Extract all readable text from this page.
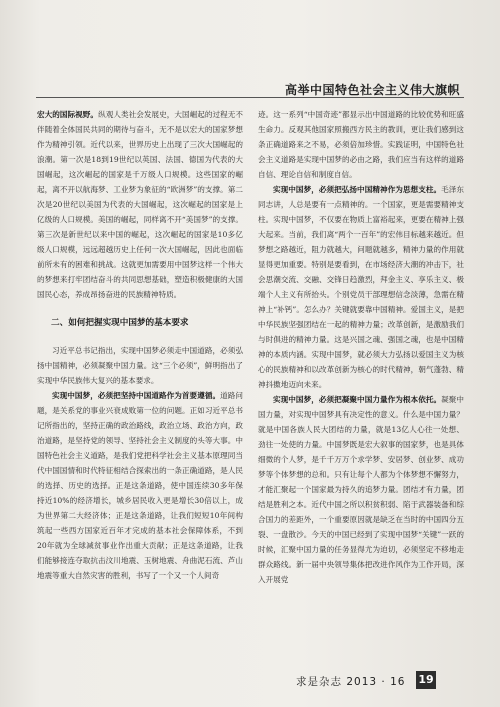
高举中国特色社会主义伟大旗帜

宏大的国际视野。纵观人类社会发展史，大国崛起的过程无不伴随着全体国民共同的期待与奋斗，无不是以宏大的国家梦想作为精神引领。近代以来，世界历史上出现了三次大国崛起的浪潮。第一次是18到19世纪以英国、法国、德国为代表的大国崛起，这次崛起的国家是千万级人口规模。这些国家的崛起，离不开以航海梦、工业梦为象征的“欧洲梦”的支撑。第二次是20世纪以美国为代表的大国崛起，这次崛起的国家是上亿级的人口规模。美国的崛起，同样离不开“美国梦”的支撑。第三次是新世纪以来中国的崛起，这次崛起的国家是10多亿级人口规模，远远超越历史上任何一次大国崛起，因此也面临前所未有的困难和挑战。这就更加需要用中国梦这样一个伟大的梦想来打牢团结奋斗的共同思想基础，塑造积极健康的大国国民心态，养成昂扬奋进的民族精神特质。

二、如何把握实现中国梦的基本要求

习近平总书记指出，实现中国梦必须走中国道路，必须弘扬中国精神，必须凝聚中国力量。这“三个必须”，鲜明指出了实现中华民族伟大复兴的基本要求。

实现中国梦，必须把坚持中国道路作为首要遵循。道路问题，是关系党的事业兴衰成败第一位的问题。正如习近平总书记所指出的，坚持正确的政治路线，政治立场、政治方向，政治道路，是坚持党的领导、坚持社会主义制度的头等大事。中国特色社会主义道路，是我们党把科学社会主义基本原理同当代中国国情和时代特征相结合探索出的一条正确道路，是人民的选择、历史的选择。正是这条道路，使中国连续30多年保持近10%的经济增长，城乡居民收入更是增长30倍以上，成为世界第二大经济体；正是这条道路，让我们短短10年间构筑起一些西方国家近百年才完成的基本社会保障体系，不到20年就为全球减贫事业作出重大贡献；正是这条道路，让我们能够接连夺取抗击汶川地震、玉树地震、舟曲泥石流、芦山地震等重大自然灾害的胜利，书写了一个又一个人间奇

迹。这一系列“中国奇迹”都显示出中国道路的比较优势和旺盛生命力。反观其他国家照搬西方民主的教训，更让我们感到这条正确道路来之不易，必须倍加珍惜。实践证明，中国特色社会主义道路是实现中国梦的必由之路，我们应当有这样的道路自信、理论自信和制度自信。

实现中国梦，必须把弘扬中国精神作为思想支柱。毛泽东同志讲，人总是要有一点精神的。一个国家，更是需要精神支柱。实现中国梦，不仅要在物质上富裕起来，更要在精神上强大起来。当前，我们离“两个一百年”的宏伟目标越来越近。但梦想之路越近，阻力就越大，问题就越多，精神力量的作用就显得更加重要。特别是要看到，在市场经济大潮的冲击下，社会思潮交流、交融、交锋日趋激烈，拜金主义、享乐主义、极端个人主义有所抬头。个别党员干部理想信念淡薄，急需在精神上“补钙”。怎么办？关键就要靠中国精神。爱国主义，是把中华民族坚强团结在一起的精神力量；改革创新，是激励我们与时俱进的精神力量。这是兴国之魂、强国之魂，也是中国精神的本质内涵。实现中国梦，就必须大力弘扬以爱国主义为核心的民族精神和以改革创新为核心的时代精神，朝气蓬勃、精神抖擞地迈向未来。

实现中国梦，必须把凝聚中国力量作为根本依托。凝聚中国力量，对实现中国梦具有决定性的意义。什么是中国力量？就是中国各族人民大团结的力量，就是13亿人心往一处想、劲往一处使的力量。中国梦既是宏大叙事的国家梦，也是具体细微的个人梦，是千千万万个求学梦、安居梦、创业梦、成功梦等个体梦想的总和。只有让每个人都为个体梦想不懈努力，才能汇聚起一个国家最为持久的追梦力量。团结才有力量，团结是胜利之本。近代中国之所以积贫积弱、陷于武器装备和综合国力的差距外，一个重要原因就是缺乏在当时的中国四分五裂、一盘散沙。今天的中国已经到了实现中国梦“关键”一跃的时候，汇聚中国力量的任务显得尤为迫切，必须坚定不移地走群众路线。新一届中央领导集体把改进作风作为工作开局，深入开展党

求是杂志 2013 · 16 19
